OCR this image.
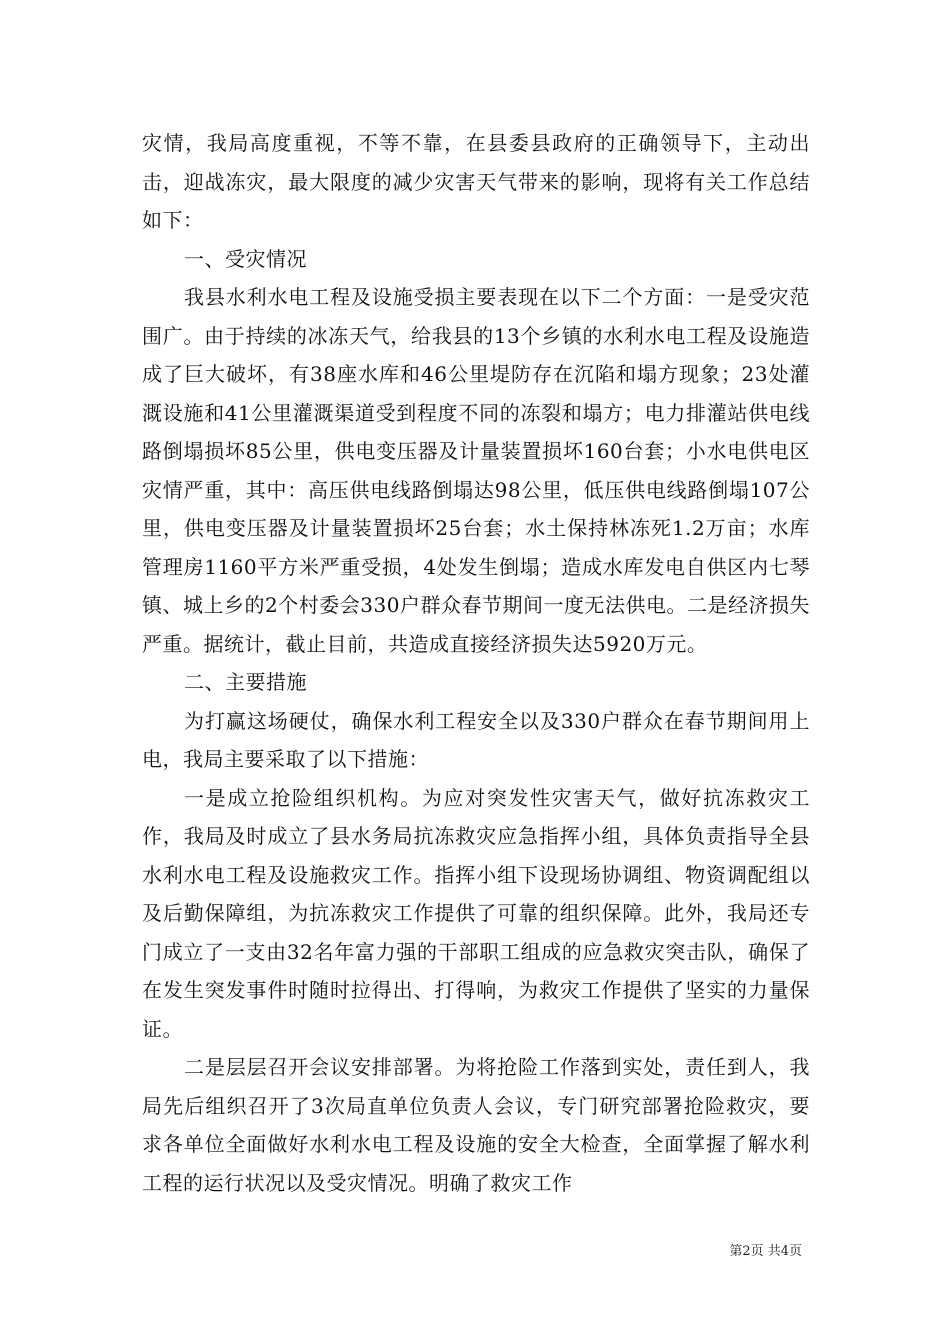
灾情，我局高度重视，不等不靠，在县委县政府的正确领导下，主动出击，迎战冻灾，最大限度的减少灾害天气带来的影响，现将有关工作总结如下：

一、受灾情况

我县水利水电工程及设施受损主要表现在以下二个方面：一是受灾范围广。由于持续的冰冻天气，给我县的13个乡镇的水利水电工程及设施造成了巨大破坏，有38座水库和46公里堤防存在沉陷和塌方现象；23处灌溉设施和41公里灌溉渠道受到程度不同的冻裂和塌方；电力排灌站供电线路倒塌损坏85公里，供电变压器及计量装置损坏160台套；小水电供电区灾情严重，其中：高压供电线路倒塌达98公里，低压供电线路倒塌107公里，供电变压器及计量装置损坏25台套；水土保持林冻死1.2万亩；水库管理房1160平方米严重受损，4处发生倒塌；造成水库发电自供区内七琴镇、城上乡的2个村委会330户群众春节期间一度无法供电。二是经济损失严重。据统计，截止目前，共造成直接经济损失达5920万元。

二、主要措施

为打赢这场硬仗，确保水利工程安全以及330户群众在春节期间用上电，我局主要采取了以下措施：

一是成立抢险组织机构。为应对突发性灾害天气，做好抗冻救灾工作，我局及时成立了县水务局抗冻救灾应急指挥小组，具体负责指导全县水利水电工程及设施救灾工作。指挥小组下设现场协调组、物资调配组以及后勤保障组，为抗冻救灾工作提供了可靠的组织保障。此外，我局还专门成立了一支由32名年富力强的干部职工组成的应急救灾突击队，确保了在发生突发事件时随时拉得出、打得响，为救灾工作提供了坚实的力量保证。

二是层层召开会议安排部署。为将抢险工作落到实处，责任到人，我局先后组织召开了3次局直单位负责人会议，专门研究部署抢险救灾，要求各单位全面做好水利水电工程及设施的安全大检查，全面掌握了解水利工程的运行状况以及受灾情况。明确了救灾工作

第2页 共4页
